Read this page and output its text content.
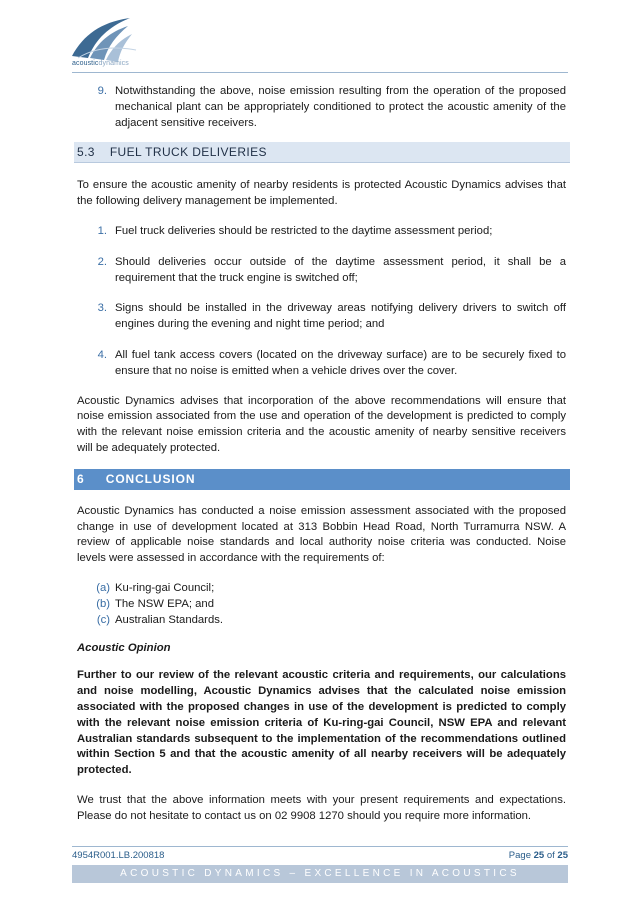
acousticdynamics
9. Notwithstanding the above, noise emission resulting from the operation of the proposed mechanical plant can be appropriately conditioned to protect the acoustic amenity of the adjacent sensitive receivers.
5.3 FUEL TRUCK DELIVERIES

To ensure the acoustic amenity of nearby residents is protected Acoustic Dynamics advises that the following delivery management be implemented.

1. Fuel truck deliveries should be restricted to the daytime assessment period;
2. Should deliveries occur outside of the daytime assessment period, it shall be a requirement that the truck engine is switched off;
3. Signs should be installed in the driveway areas notifying delivery drivers to switch off engines during the evening and night time period; and
4. All fuel tank access covers (located on the driveway surface) are to be securely fixed to ensure that no noise is emitted when a vehicle drives over the cover.

Acoustic Dynamics advises that incorporation of the above recommendations will ensure that noise emission associated from the use and operation of the development is predicted to comply with the relevant noise emission criteria and the acoustic amenity of nearby sensitive receivers will be adequately protected.

6 CONCLUSION

Acoustic Dynamics has conducted a noise emission assessment associated with the proposed change in use of development located at 313 Bobbin Head Road, North Turramurra NSW. A review of applicable noise standards and local authority noise criteria was conducted. Noise levels were assessed in accordance with the requirements of:

(a) Ku-ring-gai Council;
(b) The NSW EPA; and
(c) Australian Standards.
Acoustic Opinion

Further to our review of the relevant acoustic criteria and requirements, our calculations and noise modelling, Acoustic Dynamics advises that the calculated noise emission associated with the proposed changes in use of the development is predicted to comply with the relevant noise emission criteria of Ku-ring-gai Council, NSW EPA and relevant Australian standards subsequent to the implementation of the recommendations outlined within Section 5 and that the acoustic amenity of all nearby receivers will be adequately protected.

We trust that the above information meets with your present requirements and expectations. Please do not hesitate to contact us on 02 9908 1270 should you require more information.

4954R001.LB.200818	Page 25 of 25
ACOUSTIC DYNAMICS – EXCELLENCE IN ACOUSTICS
